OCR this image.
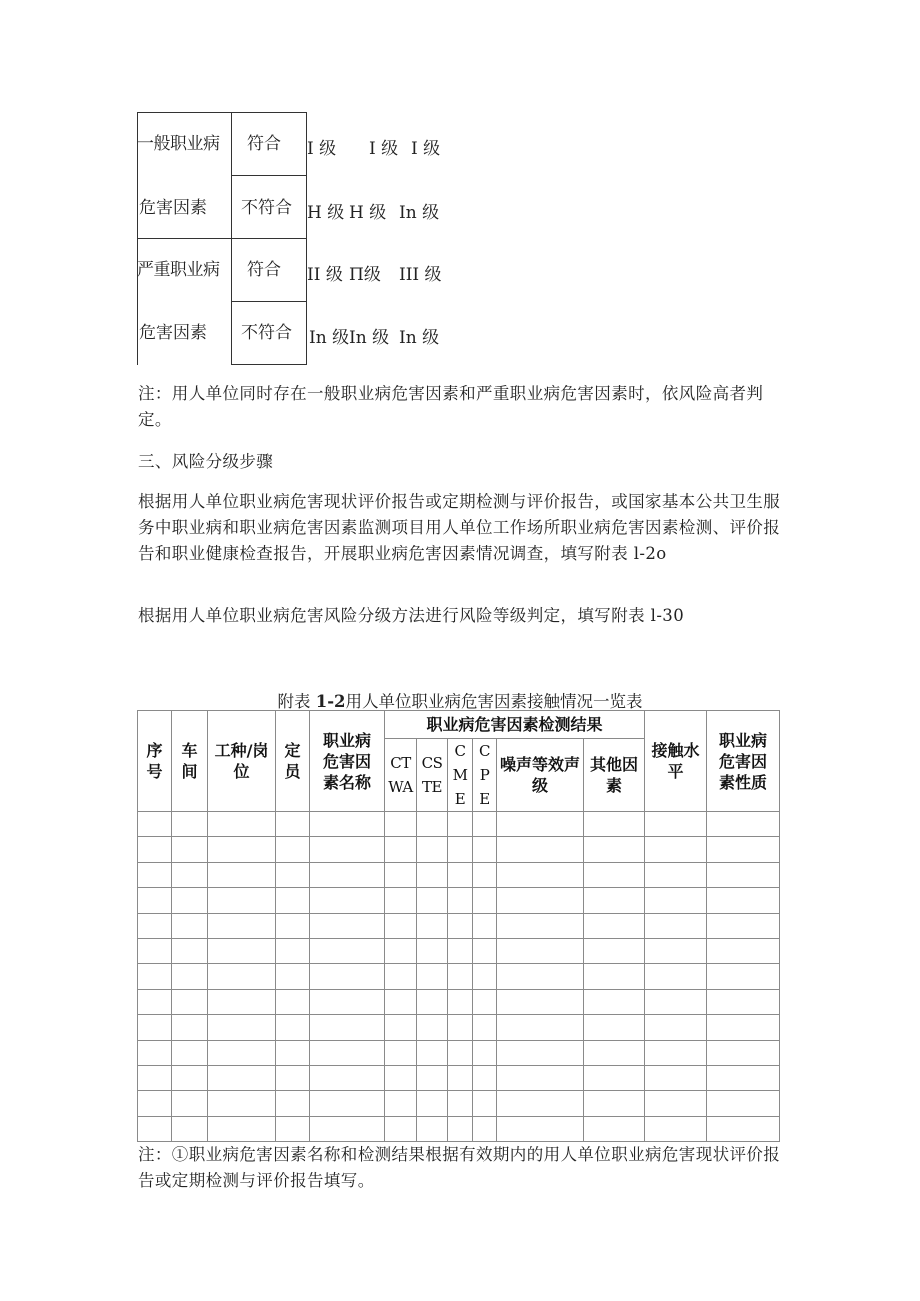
一般职业病 符合 I 级 I 级 I 级
危害因素 不符合 H 级 H 级 In 级
严重职业病 符合 II 级 П级 III 级
危害因素 不符合 In 级 In 级 In 级
注：用人单位同时存在一般职业病危害因素和严重职业病危害因素时，依风险高者判定。
三、风险分级步骤
根据用人单位职业病危害现状评价报告或定期检测与评价报告，或国家基本公共卫生服务中职业病和职业病危害因素监测项目用人单位工作场所职业病危害因素检测、评价报告和职业健康检查报告，开展职业病危害因素情况调查，填写附表 l-2o
根据用人单位职业病危害风险分级方法进行风险等级判定，填写附表 l-30
附表 1-2用人单位职业病危害因素接触情况一览表
序号	车间	工种/岗位	定员	职业病危害因素名称	职业病危害因素检测结果						接触水平	职业病危害因素性质

					CTWA	CSTE	CME	CPE	噪声等效声级	其他因素		

注：①职业病危害因素名称和检测结果根据有效期内的用人单位职业病危害现状评价报告或定期检测与评价报告填写。
